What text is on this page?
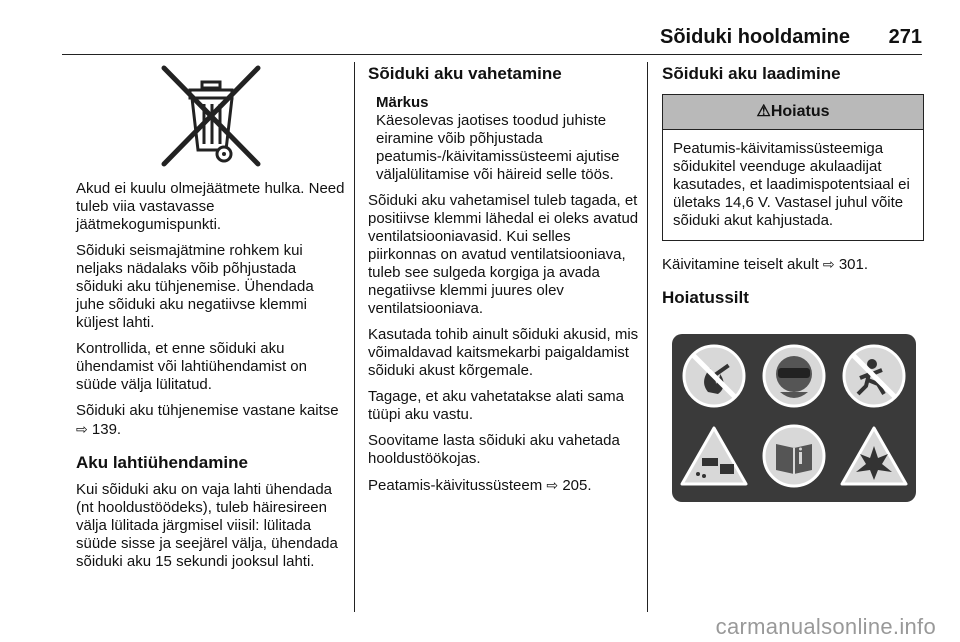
Sõiduki hooldamine 271

Akud ei kuulu olmejäätmete hulka. Need tuleb viia vastavasse jäätmekogumispunkti.

Sõiduki seismajätmine rohkem kui neljaks nädalaks võib põhjustada sõiduki aku tühjenemise. Ühendada juhe sõiduki aku negatiivse klemmi küljest lahti.

Kontrollida, et enne sõiduki aku ühendamist või lahtiühendamist on süüde välja lülitatud.

Sõiduki aku tühjenemise vastane kaitse ⇨ 139.

Aku lahtiühendamine

Kui sõiduki aku on vaja lahti ühendada (nt hooldustöödeks), tuleb häiresireen välja lülitada järgmisel viisil: lülitada süüde sisse ja seejärel välja, ühendada sõiduki aku 15 sekundi jooksul lahti.

Sõiduki aku vahetamine
Märkus
Käesolevas jaotises toodud juhiste eiramine võib põhjustada peatumis-/käivitamissüsteemi ajutise väljalülitamise või häireid selle töös.

Sõiduki aku vahetamisel tuleb tagada, et positiivse klemmi lähedal ei oleks avatud ventilatsiooniavasid. Kui selles piirkonnas on avatud ventilatsiooniava, tuleb see sulgeda korgiga ja avada negatiivse klemmi juures olev ventilatsiooniava.

Kasutada tohib ainult sõiduki akusid, mis võimaldavad kaitsmekarbi paigaldamist sõiduki akust kõrgemale.

Tagage, et aku vahetatakse alati sama tüüpi aku vastu.

Soovitame lasta sõiduki aku vahetada hooldustöökojas.

Peatamis-käivitussüsteem ⇨ 205.

Sõiduki aku laadimine
⚠Hoiatus
Peatumis-käivitamissüsteemiga sõidukitel veenduge akulaadijat kasutades, et laadimispotentsiaal ei ületaks 14,6 V. Vastasel juhul võite sõiduki akut kahjustada.

Käivitamine teiselt akult ⇨ 301.

Hoiatussilt
carmanualsonline.info
